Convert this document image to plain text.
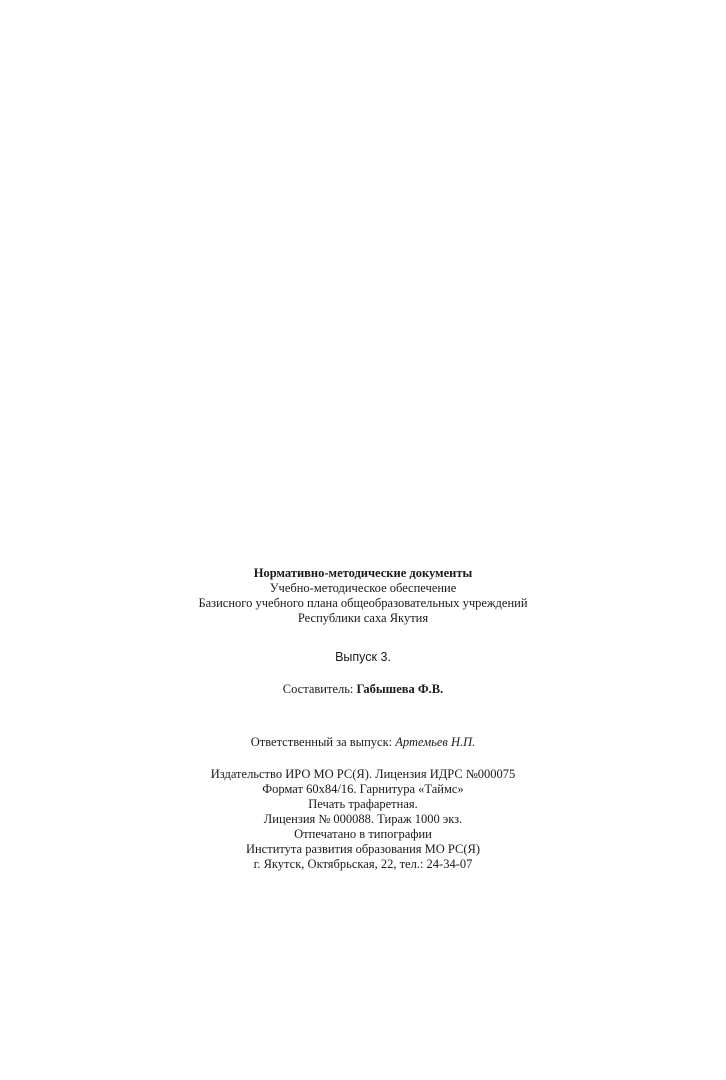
Нормативно-методические документы
Учебно-методическое обеспечение
Базисного учебного плана общеобразовательных учреждений
Республики саха Якутия
Выпуск 3.
Составитель: Габышева Ф.В.
Ответственный за выпуск: Артемьев Н.П.
Издательство ИРО МО РС(Я). Лицензия ИДРС №000075
Формат 60х84/16. Гарнитура «Таймс»
Печать трафаретная.
Лицензия № 000088. Тираж 1000 экз.
Отпечатано в типографии
Института развития образования МО РС(Я)
г. Якутск, Октябрьская, 22, тел.: 24-34-07
